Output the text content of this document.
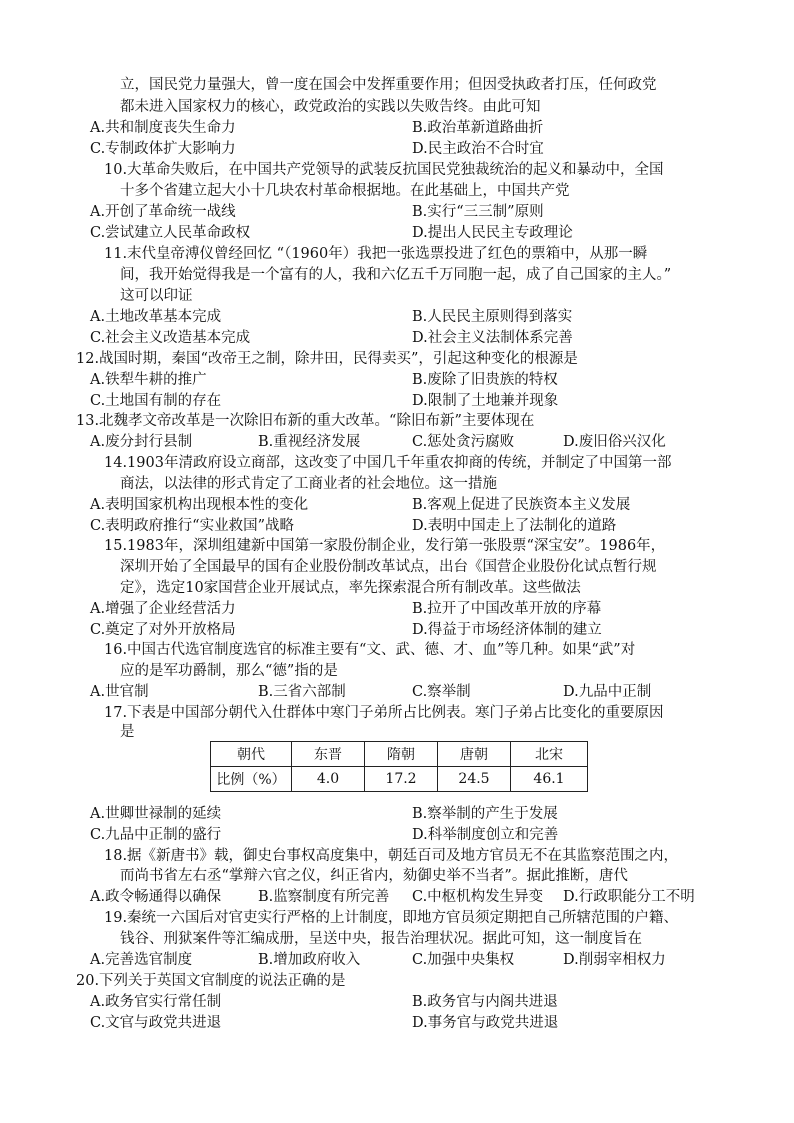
立，国民党力量强大，曾一度在国会中发挥重要作用；但因受执政者打压，任何政党
都未进入国家权力的核心，政党政治的实践以失败告终。由此可知
A.共和制度丧失生命力	B.政治革新道路曲折
C.专制政体扩大影响力	D.民主政治不合时宜
10.大革命失败后，在中国共产党领导的武装反抗国民党独裁统治的起义和暴动中，全国
十多个省建立起大小十几块农村革命根据地。在此基础上，中国共产党
A.开创了革命统一战线	B.实行“三三制”原则
C.尝试建立人民革命政权	D.提出人民民主专政理论
11.末代皇帝溥仪曾经回忆 “（1960年）我把一张选票投进了红色的票箱中，从那一瞬
间，我开始觉得我是一个富有的人，我和六亿五千万同胞一起，成了自己国家的主人。”
这可以印证
A.土地改革基本完成	B.人民民主原则得到落实
C.社会主义改造基本完成	D.社会主义法制体系完善
12.战国时期，秦国“改帝王之制，除井田，民得卖买”，引起这种变化的根源是
A.铁犁牛耕的推广	B.废除了旧贵族的特权
C.土地国有制的存在	D.限制了土地兼并现象
13.北魏孝文帝改革是一次除旧布新的重大改革。“除旧布新”主要体现在
A.废分封行县制	B.重视经济发展	C.惩处贪污腐败	D.废旧俗兴汉化
14.1903年清政府设立商部，这改变了中国几千年重农抑商的传统，并制定了中国第一部
商法，以法律的形式肯定了工商业者的社会地位。这一措施
A.表明国家机构出现根本性的变化	B.客观上促进了民族资本主义发展
C.表明政府推行“实业救国”战略	D.表明中国走上了法制化的道路
15.1983年，深圳组建新中国第一家股份制企业，发行第一张股票“深宝安”。1986年，
深圳开始了全国最早的国有企业股份制改革试点，出台《国营企业股份化试点暂行规
定》，选定10家国营企业开展试点，率先探索混合所有制改革。这些做法
A.增强了企业经营活力	B.拉开了中国改革开放的序幕
C.奠定了对外开放格局	D.得益于市场经济体制的建立
16.中国古代选官制度选官的标准主要有“文、武、德、才、血”等几种。如果“武”对
应的是军功爵制，那么“德”指的是
A.世官制	B.三省六部制	C.察举制	D.九品中正制
17.下表是中国部分朝代入仕群体中寒门子弟所占比例表。寒门子弟占比变化的重要原因
是
朝代	东晋	隋朝	唐朝	北宋
比例（%）	4.0	17.2	24.5	46.1
A.世卿世禄制的延续	B.察举制的产生于发展
C.九品中正制的盛行	D.科举制度创立和完善
18.据《新唐书》载，御史台事权高度集中，朝廷百司及地方官员无不在其监察范围之内，
而尚书省左右丞“掌辩六官之仪，纠正省内，劾御史举不当者”。据此推断，唐代
A.政令畅通得以确保	B.监察制度有所完善 C.中枢机构发生异变 D.行政职能分工不明
19.秦统一六国后对官吏实行严格的上计制度，即地方官员须定期把自己所辖范围的户籍、
钱谷、刑狱案件等汇编成册，呈送中央，报告治理状况。据此可知，这一制度旨在
A.完善选官制度	B.增加政府收入	C.加强中央集权	D.削弱宰相权力
20.下列关于英国文官制度的说法正确的是
A.政务官实行常任制	B.政务官与内阁共进退
C.文官与政党共进退	D.事务官与政党共进退
